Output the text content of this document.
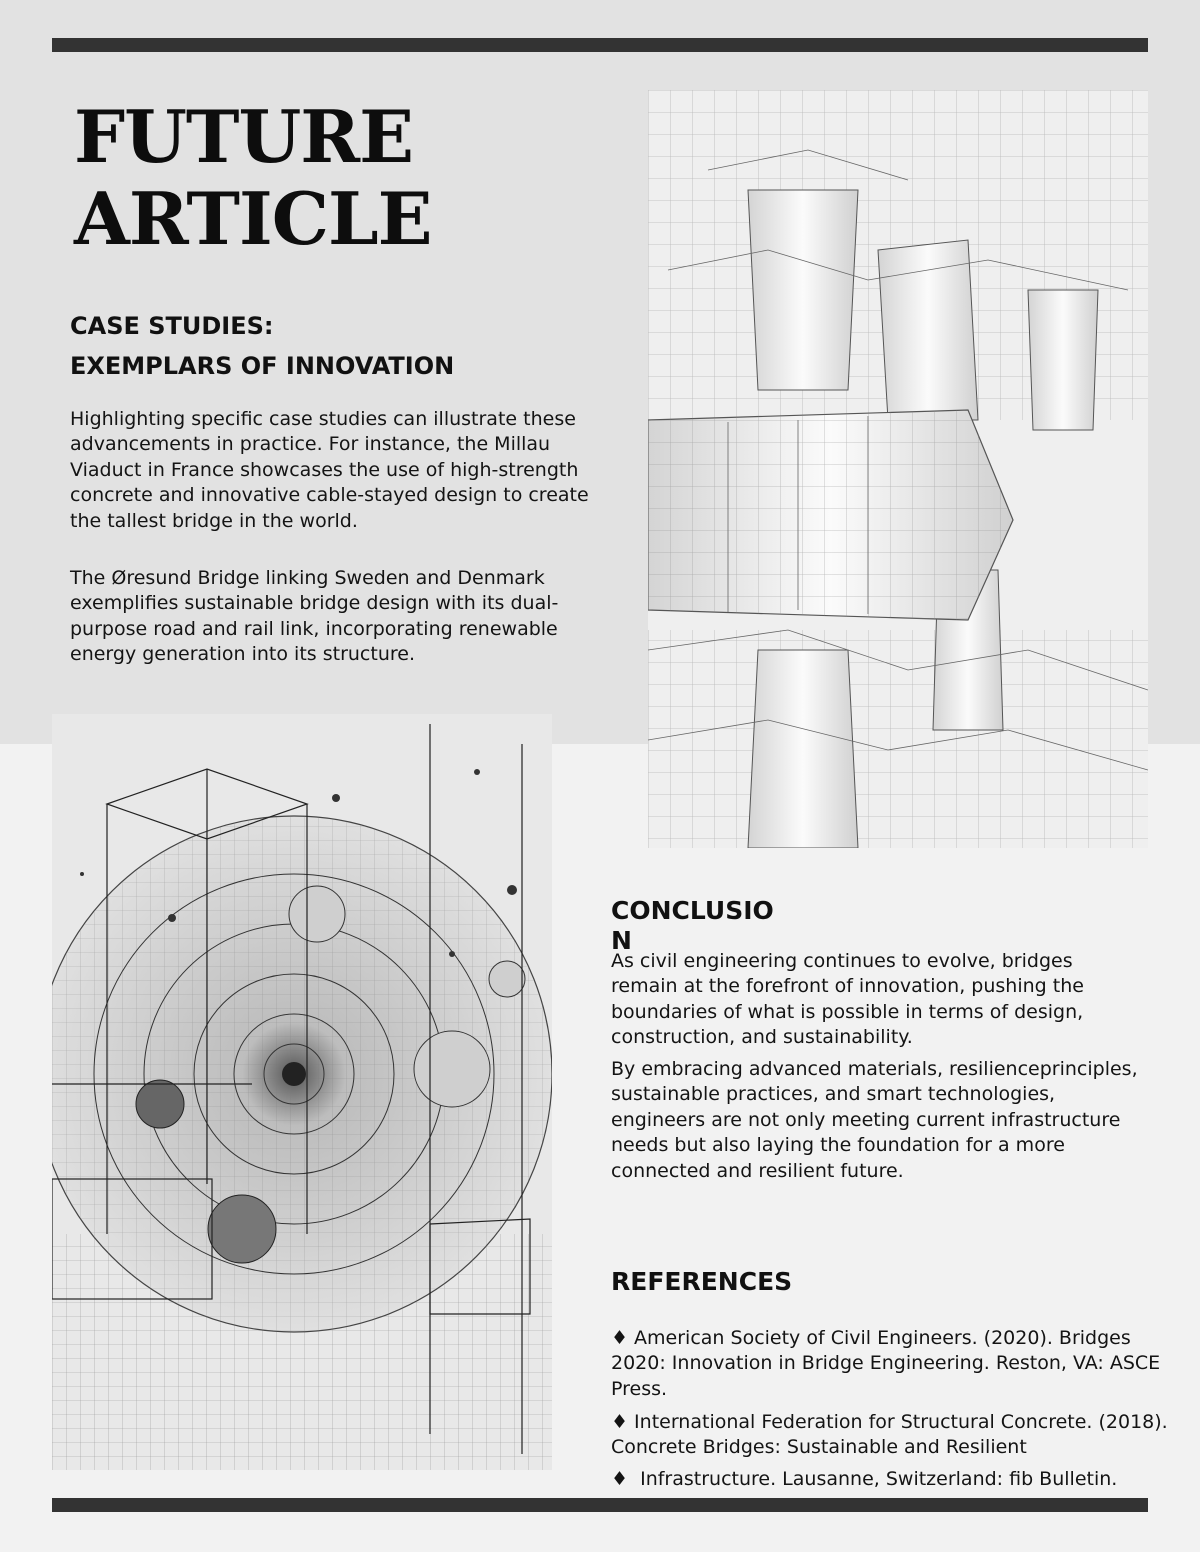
FUTURE
ARTICLE
CASE STUDIES:
EXEMPLARS OF INNOVATION

Highlighting specific case studies can illustrate these advancements in practice. For instance, the Millau Viaduct in France showcases the use of high-strength concrete and innovative cable-stayed design to create the tallest bridge in the world.

The Øresund Bridge linking Sweden and Denmark exemplifies sustainable bridge design with its dual-purpose road and rail link, incorporating renewable energy generation into its structure.

CONCLUSION

As civil engineering continues to evolve, bridges remain at the forefront of innovation, pushing the boundaries of what is possible in terms of design, construction, and sustainability.

By embracing advanced materials, resilienceprinciples, sustainable practices, and smart technologies, engineers are not only meeting current infrastructure needs but also laying the foundation for a more connected and resilient future.

REFERENCES

♦ American Society of Civil Engineers. (2020). Bridges 2020: Innovation in Bridge Engineering. Reston, VA: ASCE Press.

♦ International Federation for Structural Concrete. (2018). Concrete Bridges: Sustainable and Resilient

♦ Infrastructure. Lausanne, Switzerland: fib Bulletin.
